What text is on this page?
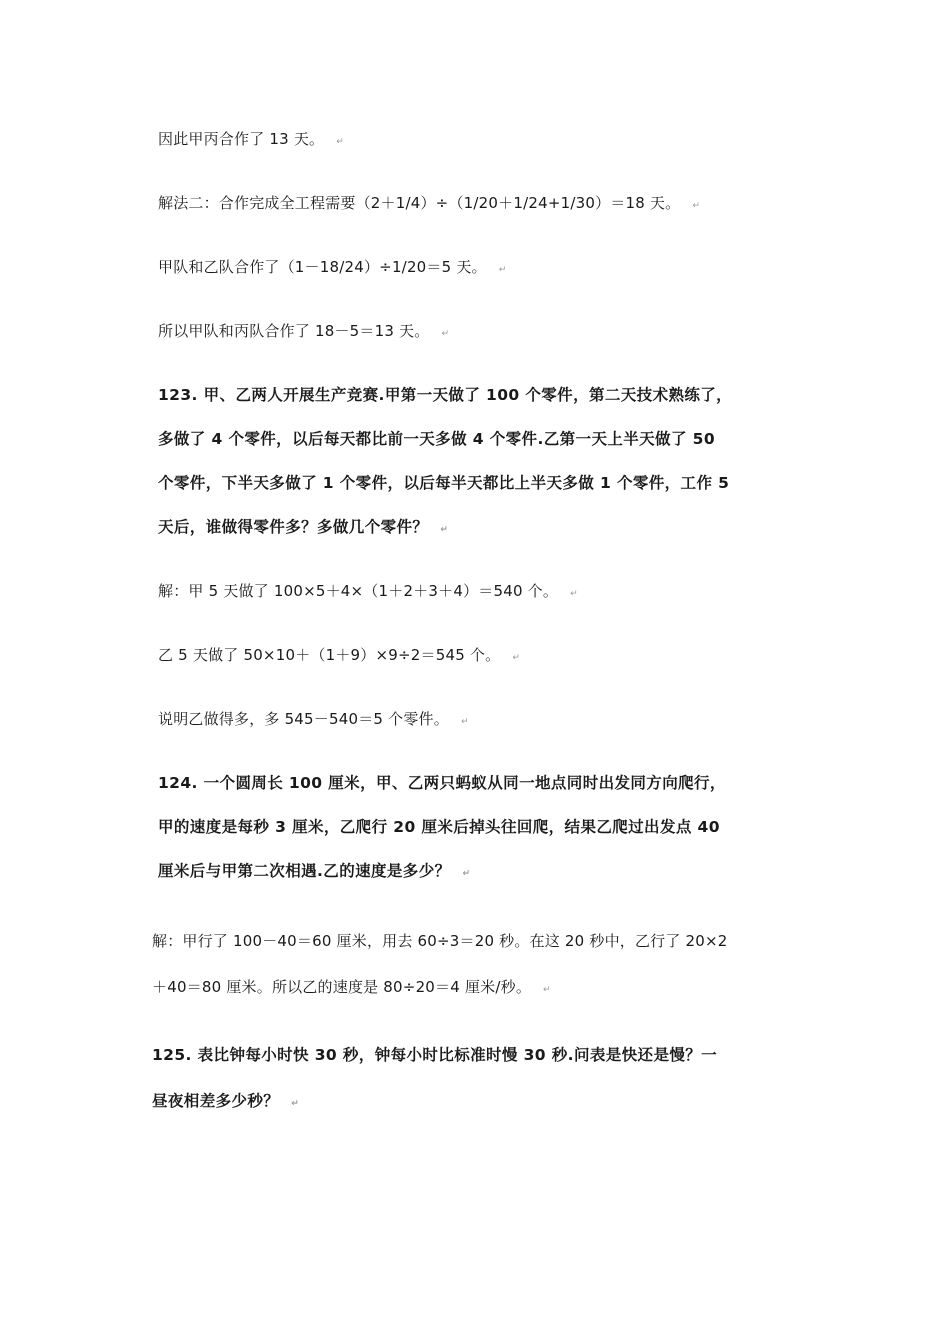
因此甲丙合作了 13 天。 ↵
解法二：合作完成全工程需要（2＋1/4）÷（1/20＋1/24+1/30）＝18 天。 ↵
甲队和乙队合作了（1－18/24）÷1/20＝5 天。 ↵
所以甲队和丙队合作了 18－5＝13 天。 ↵
123. 甲、乙两人开展生产竞赛.甲第一天做了 100 个零件，第二天技术熟练了，
多做了 4 个零件，以后每天都比前一天多做 4 个零件.乙第一天上半天做了 50
个零件，下半天多做了 1 个零件，以后每半天都比上半天多做 1 个零件，工作 5
天后，谁做得零件多？多做几个零件？ ↵
解：甲 5 天做了 100×5＋4×（1＋2＋3＋4）＝540 个。 ↵
乙 5 天做了 50×10＋（1＋9）×9÷2＝545 个。 ↵
说明乙做得多，多 545－540＝5 个零件。 ↵
124. 一个圆周长 100 厘米，甲、乙两只蚂蚁从同一地点同时出发同方向爬行，
甲的速度是每秒 3 厘米，乙爬行 20 厘米后掉头往回爬，结果乙爬过出发点 40
厘米后与甲第二次相遇.乙的速度是多少？ ↵
解：甲行了 100－40＝60 厘米，用去 60÷3＝20 秒。在这 20 秒中，乙行了 20×2
＋40＝80 厘米。所以乙的速度是 80÷20＝4 厘米/秒。 ↵
125. 表比钟每小时快 30 秒，钟每小时比标准时慢 30 秒.问表是快还是慢？一
昼夜相差多少秒？ ↵
